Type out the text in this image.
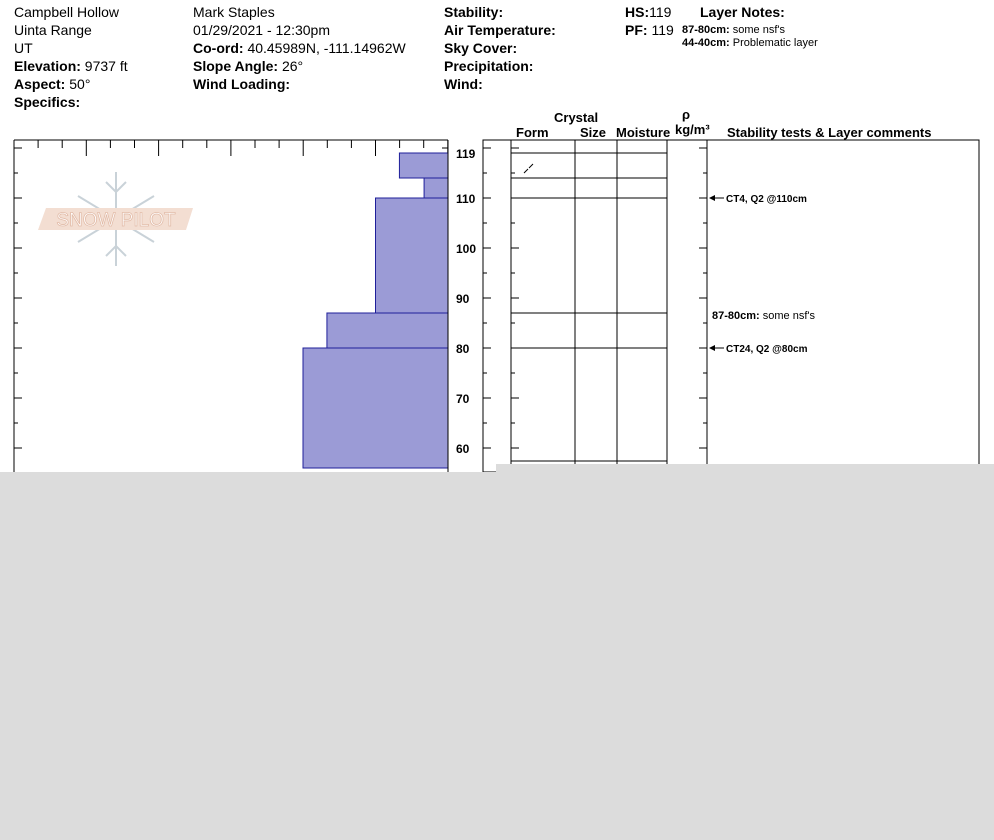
Campbell Hollow
Uinta Range
UT
Elevation: 9737 ft
Aspect: 50°
Specifics:
Mark Staples
01/29/2021 - 12:30pm
Co-ord: 40.45989N, -111.14962W
Slope Angle: 26°
Wind Loading:
Stability:
Air Temperature:
Sky Cover:
Precipitation:
Wind:
HS:119
PF: 119
Layer Notes:
87-80cm: some nsf's
44-40cm: Problematic layer
Crystal
Form Size Moisture
ρ
kg/m³ Stability tests & Layer comments
SNOW PILOT
119
110
100
90
80
70
60
CT4, Q2 @110cm
CT24, Q2 @80cm
87-80cm: some nsf's
